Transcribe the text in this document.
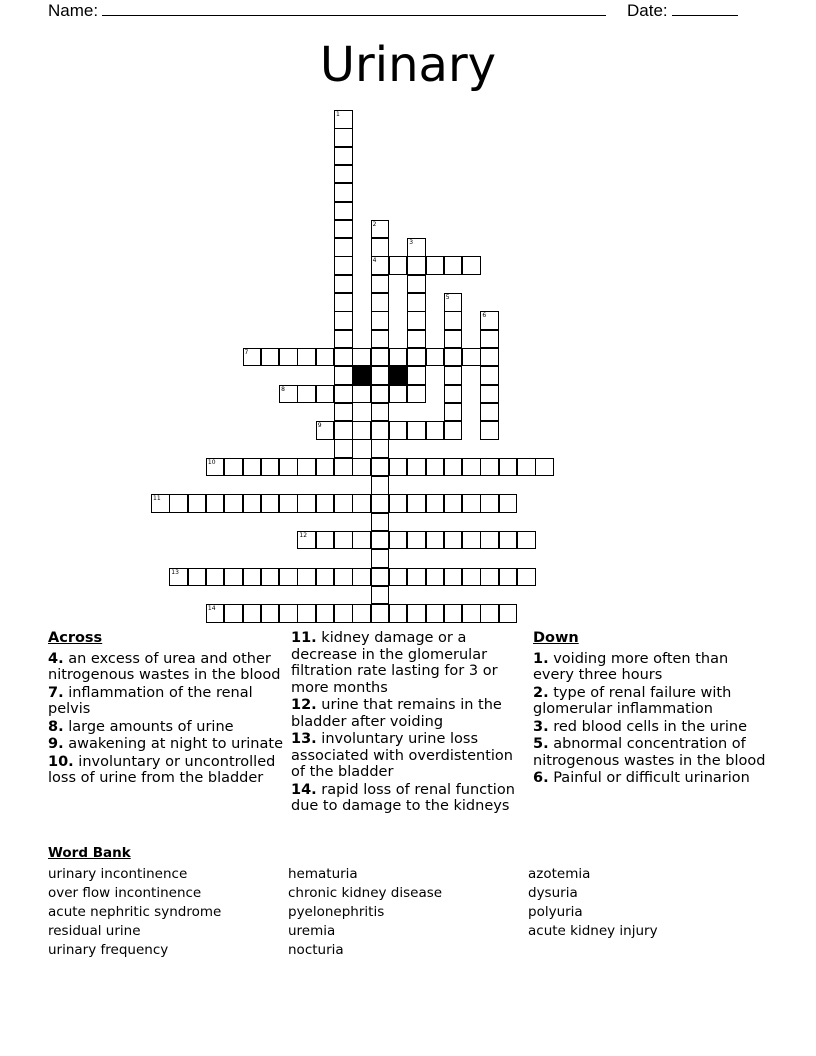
Name:	Date:
Urinary
1
2
4
3
5
6
7
8
9
10
11
12
13
14
Across
4. an excess of urea and other nitrogenous wastes in the blood
7. inflammation of the renal pelvis
8. large amounts of urine
9. awakening at night to urinate
10. involuntary or uncontrolled loss of urine from the bladder
11. kidney damage or a decrease in the glomerular filtration rate lasting for 3 or more months
12. urine that remains in the bladder after voiding
13. involuntary urine loss associated with overdistention of the bladder
14. rapid loss of renal function due to damage to the kidneys
Down
1. voiding more often than every three hours
2. type of renal failure with glomerular inflammation
3. red blood cells in the urine
5. abnormal concentration of nitrogenous wastes in the blood
6. Painful or difficult urinarion
Word Bank
urinary incontinence
over flow incontinence
acute nephritic syndrome
residual urine
urinary frequency
hematuria
chronic kidney disease
pyelonephritis
uremia
nocturia
azotemia
dysuria
polyuria
acute kidney injury
